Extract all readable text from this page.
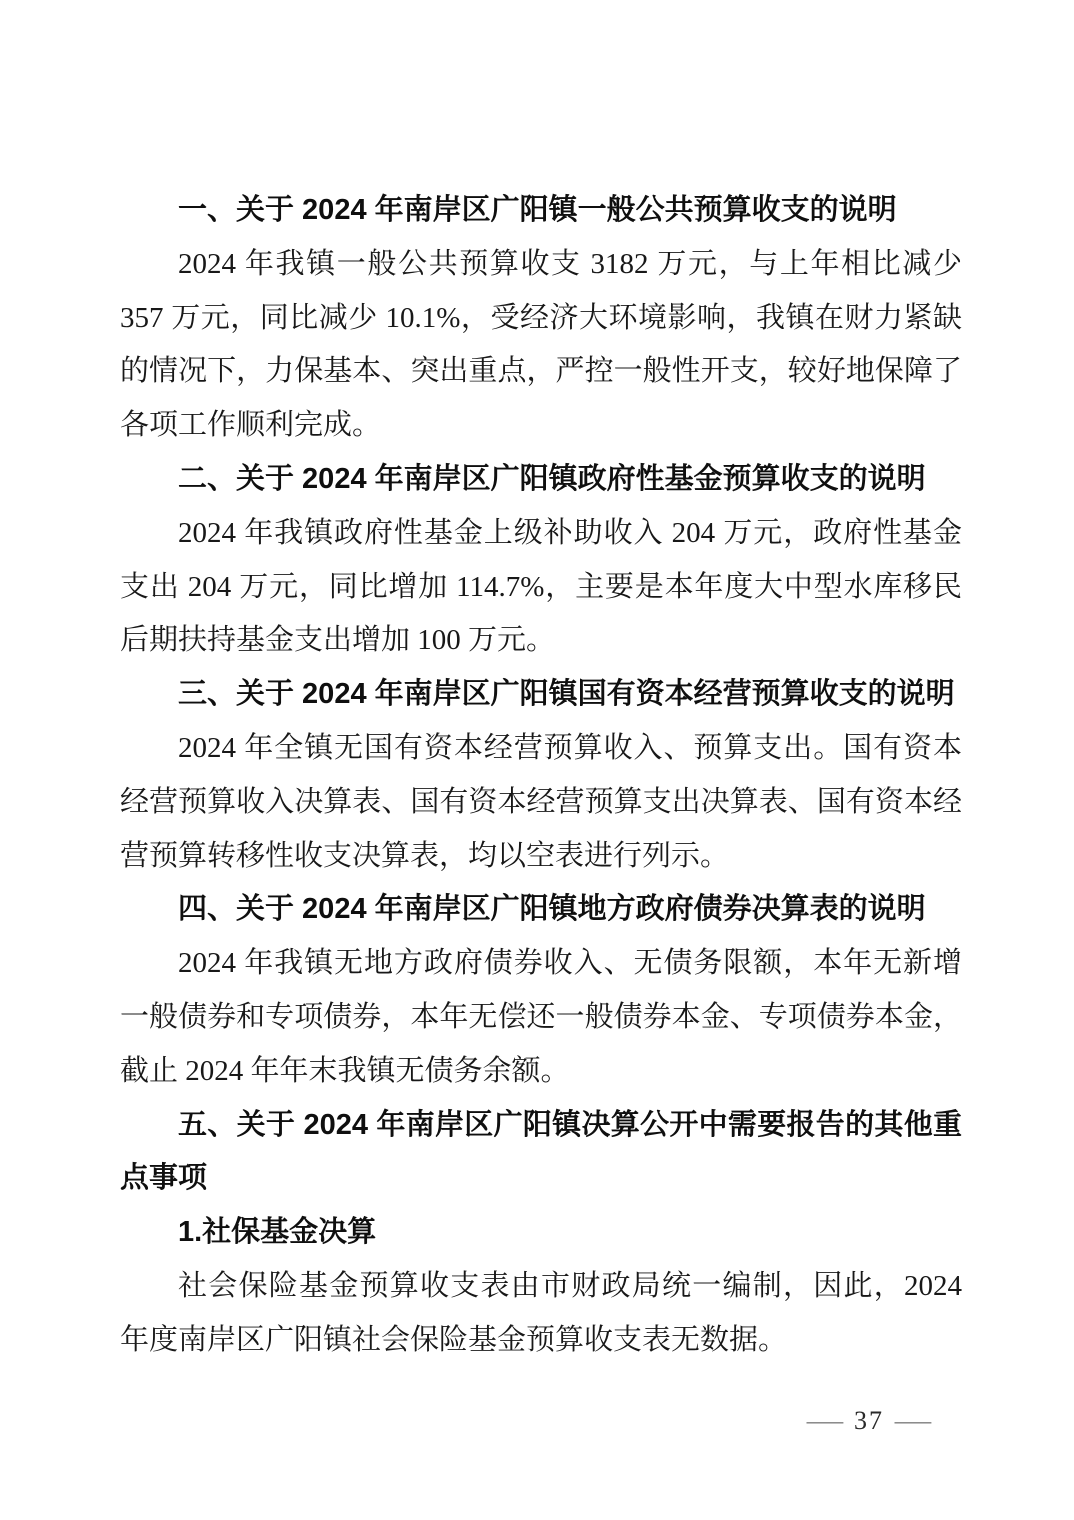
一、关于 2024 年南岸区广阳镇一般公共预算收支的说明

2024 年我镇一般公共预算收支 3182 万元，与上年相比减少 357 万元，同比减少 10.1%，受经济大环境影响，我镇在财力紧缺的情况下，力保基本、突出重点，严控一般性开支，较好地保障了各项工作顺利完成。

二、关于 2024 年南岸区广阳镇政府性基金预算收支的说明

2024 年我镇政府性基金上级补助收入 204 万元，政府性基金支出 204 万元，同比增加 114.7%，主要是本年度大中型水库移民后期扶持基金支出增加 100 万元。

三、关于 2024 年南岸区广阳镇国有资本经营预算收支的说明

2024 年全镇无国有资本经营预算收入、预算支出。国有资本经营预算收入决算表、国有资本经营预算支出决算表、国有资本经营预算转移性收支决算表，均以空表进行列示。

四、关于 2024 年南岸区广阳镇地方政府债券决算表的说明

2024 年我镇无地方政府债券收入、无债务限额，本年无新增一般债券和专项债券，本年无偿还一般债券本金、专项债券本金，截止 2024 年年末我镇无债务余额。

五、关于 2024 年南岸区广阳镇决算公开中需要报告的其他重点事项
1.社保基金决算

社会保险基金预算收支表由市财政局统一编制，因此，2024 年度南岸区广阳镇社会保险基金预算收支表无数据。

— 37 —
